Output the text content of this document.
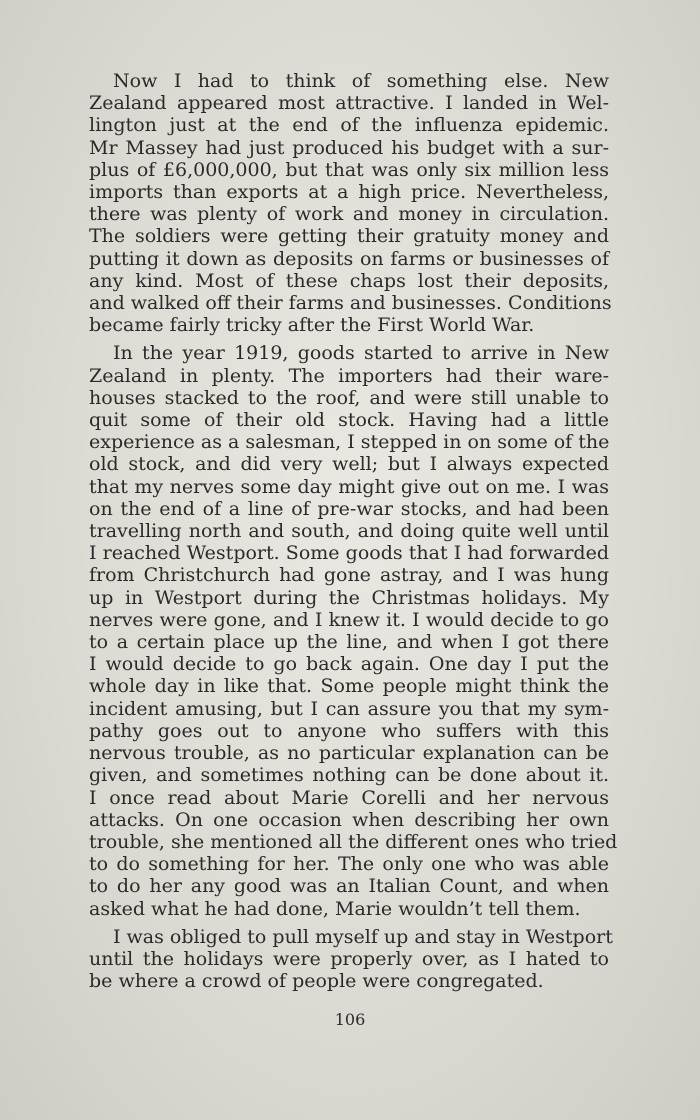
Now I had to think of something else. New
Zealand appeared most attractive. I landed in Wel-
lington just at the end of the influenza epidemic.
Mr Massey had just produced his budget with a sur-
plus of £6,000,000, but that was only six million less
imports than exports at a high price. Nevertheless,
there was plenty of work and money in circulation.
The soldiers were getting their gratuity money and
putting it down as deposits on farms or businesses of
any kind. Most of these chaps lost their deposits,
and walked off their farms and businesses. Conditions
became fairly tricky after the First World War.
In the year 1919, goods started to arrive in New
Zealand in plenty. The importers had their ware-
houses stacked to the roof, and were still unable to
quit some of their old stock. Having had a little
experience as a salesman, I stepped in on some of the
old stock, and did very well; but I always expected
that my nerves some day might give out on me. I was
on the end of a line of pre-war stocks, and had been
travelling north and south, and doing quite well until
I reached Westport. Some goods that I had forwarded
from Christchurch had gone astray, and I was hung
up in Westport during the Christmas holidays. My
nerves were gone, and I knew it. I would decide to go
to a certain place up the line, and when I got there
I would decide to go back again. One day I put the
whole day in like that. Some people might think the
incident amusing, but I can assure you that my sym-
pathy goes out to anyone who suffers with this
nervous trouble, as no particular explanation can be
given, and sometimes nothing can be done about it.
I once read about Marie Corelli and her nervous
attacks. On one occasion when describing her own
trouble, she mentioned all the different ones who tried
to do something for her. The only one who was able
to do her any good was an Italian Count, and when
asked what he had done, Marie wouldn’t tell them.
I was obliged to pull myself up and stay in Westport
until the holidays were properly over, as I hated to
be where a crowd of people were congregated.
106
